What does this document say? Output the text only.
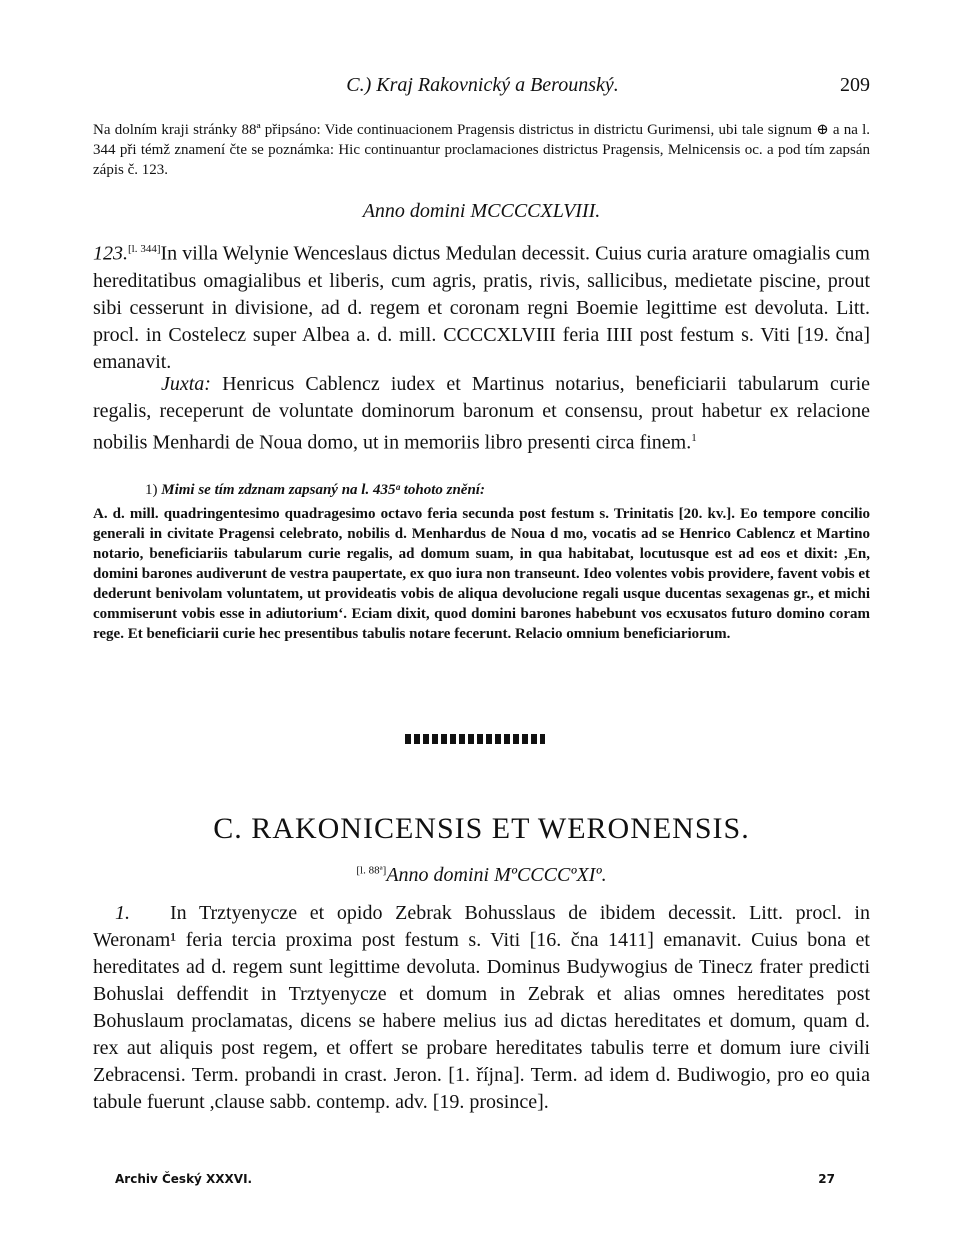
C.) Kraj Rakovnický a Berounský.	209
Na dolním kraji stránky 88ª připsáno: Vide continuacionem Pragensis districtus in districtu Gurimensi, ubi tale signum ⊕ a na l. 344 při témž znamení čte se poznámka: Hic continuantur proclamaciones districtus Pragensis, Melnicensis oc. a pod tím zapsán zápis č. 123.
Anno domini MCCCCXLVIII.
123.[l. 344]In villa Welynie Wenceslaus dictus Medulan decessit. Cuius curia arature omagialis cum hereditatibus omagialibus et liberis, cum agris, pratis, rivis, sallicibus, medietate piscine, prout sibi cesserunt in divisione, ad d. regem et coronam regni Boemie legittime est devoluta. Litt. procl. in Costelecz super Albea a. d. mill. CCCCXLVIII feria IIII post festum s. Viti [19. čna] emanavit.
Juxta: Henricus Cablencz iudex et Martinus notarius, beneficiarii tabularum curie regalis, receperunt de voluntate dominorum baronum et consensu, prout habetur ex relacione nobilis Menhardi de Noua domo, ut in memoriis libro presenti circa finem.$^1$
1) Mimi se tím zdznam zapsaný na l. 435ᵃ tohoto znění:
A. d. mill. quadringentesimo quadragesimo octavo feria secunda post festum s. Trinitatis [20. kv.]. Eo tempore concilio generali in civitate Pragensi celebrato, nobilis d. Menhardus de Noua d mo, vocatis ad se Henrico Cablencz et Martino notario, beneficiariis tabularum curie regalis, ad domum suam, in qua habitabat, locutusque est ad eos et dixit: ,En, domini barones audiverunt de vestra paupertate, ex quo iura non transeunt. Ideo volentes vobis providere, favent vobis et dederunt benivolam voluntatem, ut provideatis vobis de aliqua devolucione regali usque ducentas sexagenas gr., et michi commiserunt vobis esse in adiutorium‘. Eciam dixit, quod domini barones habebunt vos ecxusatos futuro domino coram rege. Et beneficiarii curie hec presentibus tabulis notare fecerunt. Relacio omnium beneficiariorum.
C. RAKONICENSIS ET WERONENSIS.
[l. 88ª]Anno domini MºCCCCºXIº.
1. In Trztyenycze et opido Zebrak Bohusslaus de ibidem decessit. Litt. procl. in Weronam¹ feria tercia proxima post festum s. Viti [16. čna 1411] emanavit. Cuius bona et hereditates ad d. regem sunt legittime devoluta. Dominus Budywogius de Tinecz frater predicti Bohuslai deffendit in Trztyenycze et domum in Zebrak et alias omnes hereditates post Bohuslaum proclamatas, dicens se habere melius ius ad dictas hereditates et domum, quam d. rex aut aliquis post regem, et offert se probare hereditates tabulis terre et domum iure civili Zebracensi. Term. probandi in crast. Jeron. [1. října]. Term. ad idem d. Budiwogio, pro eo quia tabule fuerunt ,clause sabb. contemp. adv. [19. prosince].
Archiv Český XXXVI.	27
